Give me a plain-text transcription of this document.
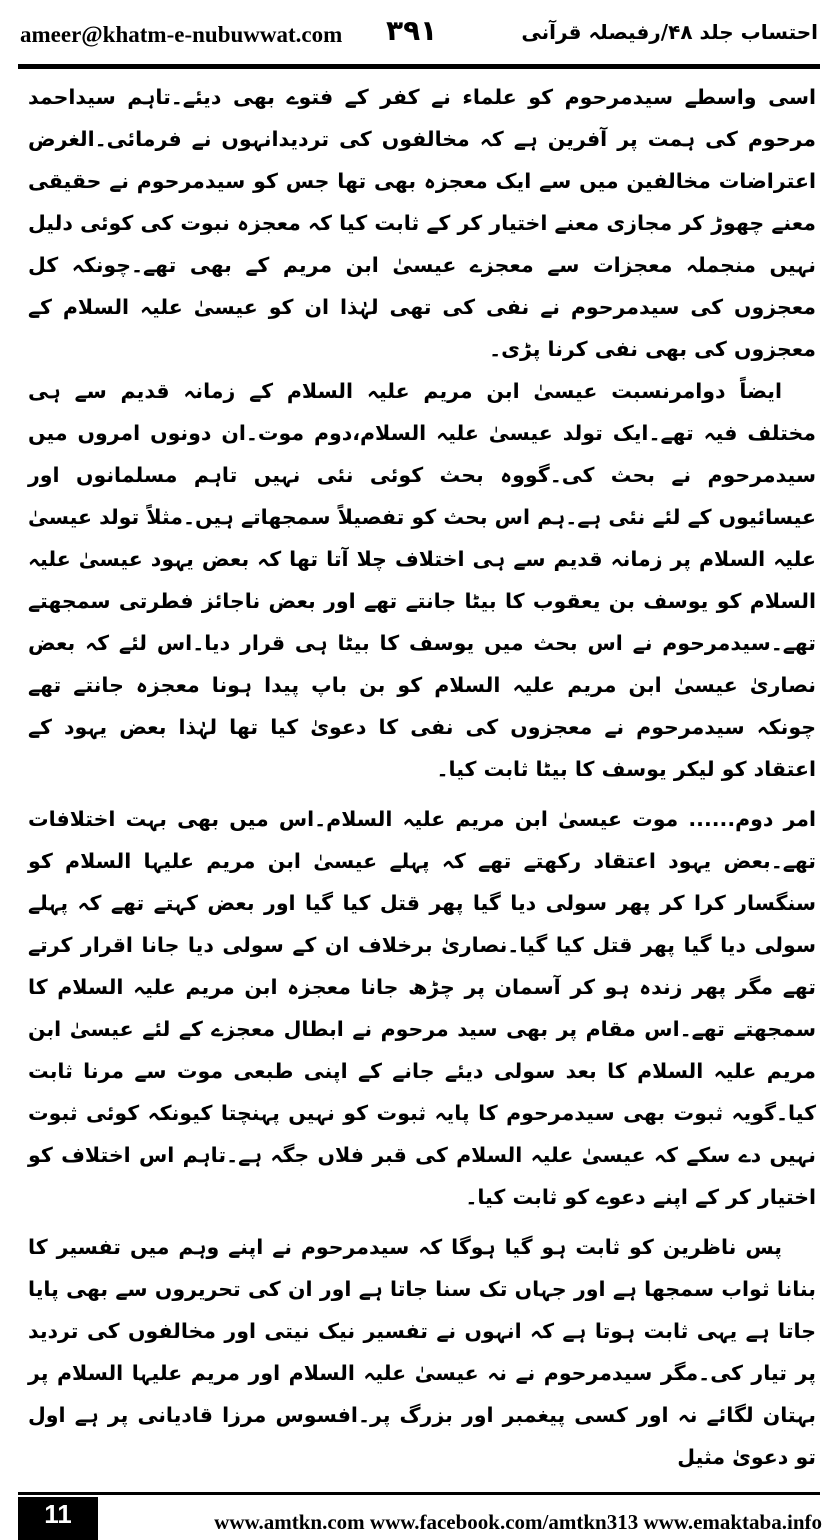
ameer@khatm-e-nubuwwat.com ۳۹۱	احتساب جلد ۴۸/رفیصلہ قرآنی

اسی واسطے سیدمرحوم کو علماء نے کفر کے فتوے بھی دیئے۔تاہم سیداحمد مرحوم کی ہمت پر آفرین ہے کہ مخالفوں کی تردیدانہوں نے فرمائی۔الغرض اعتراضات مخالفین میں سے ایک معجزہ بھی تھا جس کو سیدمرحوم نے حقیقی معنے چھوڑ کر مجازی معنے اختیار کر کے ثابت کیا کہ معجزہ نبوت کی کوئی دلیل نہیں منجملہ معجزات سے معجزے عیسیٰ ابن مریم کے بھی تھے۔چونکہ کل معجزوں کی سیدمرحوم نے نفی کی تھی لہٰذا ان کو عیسیٰ علیہ السلام کے معجزوں کی بھی نفی کرنا پڑی۔

ایضاً دوامرنسبت عیسیٰ ابن مریم علیہ السلام کے زمانہ قدیم سے ہی مختلف فیہ تھے۔ایک تولد عیسیٰ علیہ السلام،دوم موت۔ان دونوں امروں میں سیدمرحوم نے بحث کی۔گووہ بحث کوئی نئی نہیں تاہم مسلمانوں اور عیسائیوں کے لئے نئی ہے۔ہم اس بحث کو تفصیلاً سمجھاتے ہیں۔مثلاً تولد عیسیٰ علیہ السلام پر زمانہ قدیم سے ہی اختلاف چلا آتا تھا کہ بعض یہود عیسیٰ علیہ السلام کو یوسف بن یعقوب کا بیٹا جانتے تھے اور بعض ناجائز فطرتی سمجھتے تھے۔سیدمرحوم نے اس بحث میں یوسف کا بیٹا ہی قرار دیا۔اس لئے کہ بعض نصاریٰ عیسیٰ ابن مریم علیہ السلام کو بن باپ پیدا ہونا معجزہ جانتے تھے چونکہ سیدمرحوم نے معجزوں کی نفی کا دعویٰ کیا تھا لہٰذا بعض یہود کے اعتقاد کو لیکر یوسف کا بیٹا ثابت کیا۔

امر دوم...... موت عیسیٰ ابن مریم علیہ السلام۔اس میں بھی بہت اختلافات تھے۔بعض یہود اعتقاد رکھتے تھے کہ پہلے عیسیٰ ابن مریم علیہا السلام کو سنگسار کرا کر پھر سولی دیا گیا پھر قتل کیا گیا اور بعض کہتے تھے کہ پہلے سولی دیا گیا پھر قتل کیا گیا۔نصاریٰ برخلاف ان کے سولی دیا جانا اقرار کرتے تھے مگر پھر زندہ ہو کر آسمان پر چڑھ جانا معجزہ ابن مریم علیہ السلام کا سمجھتے تھے۔اس مقام پر بھی سید مرحوم نے ابطال معجزے کے لئے عیسیٰ ابن مریم علیہ السلام کا بعد سولی دیئے جانے کے اپنی طبعی موت سے مرنا ثابت کیا۔گویہ ثبوت بھی سیدمرحوم کا پایہ ثبوت کو نہیں پہنچتا کیونکہ کوئی ثبوت نہیں دے سکے کہ عیسیٰ علیہ السلام کی قبر فلاں جگہ ہے۔تاہم اس اختلاف کو اختیار کر کے اپنے دعوے کو ثابت کیا۔

پس ناظرین کو ثابت ہو گیا ہوگا کہ سیدمرحوم نے اپنے وہم میں تفسیر کا بنانا ثواب سمجھا ہے اور جہاں تک سنا جاتا ہے اور ان کی تحریروں سے بھی پایا جاتا ہے یہی ثابت ہوتا ہے کہ انہوں نے تفسیر نیک نیتی اور مخالفوں کی تردید پر تیار کی۔مگر سیدمرحوم نے نہ عیسیٰ علیہ السلام اور مریم علیہا السلام پر بہتان لگائے نہ اور کسی پیغمبر اور بزرگ پر۔افسوس مرزا قادیانی پر ہے اول تو دعویٰ مثیل

11	www.amtkn.com www.facebook.com/amtkn313 www.emaktaba.info
